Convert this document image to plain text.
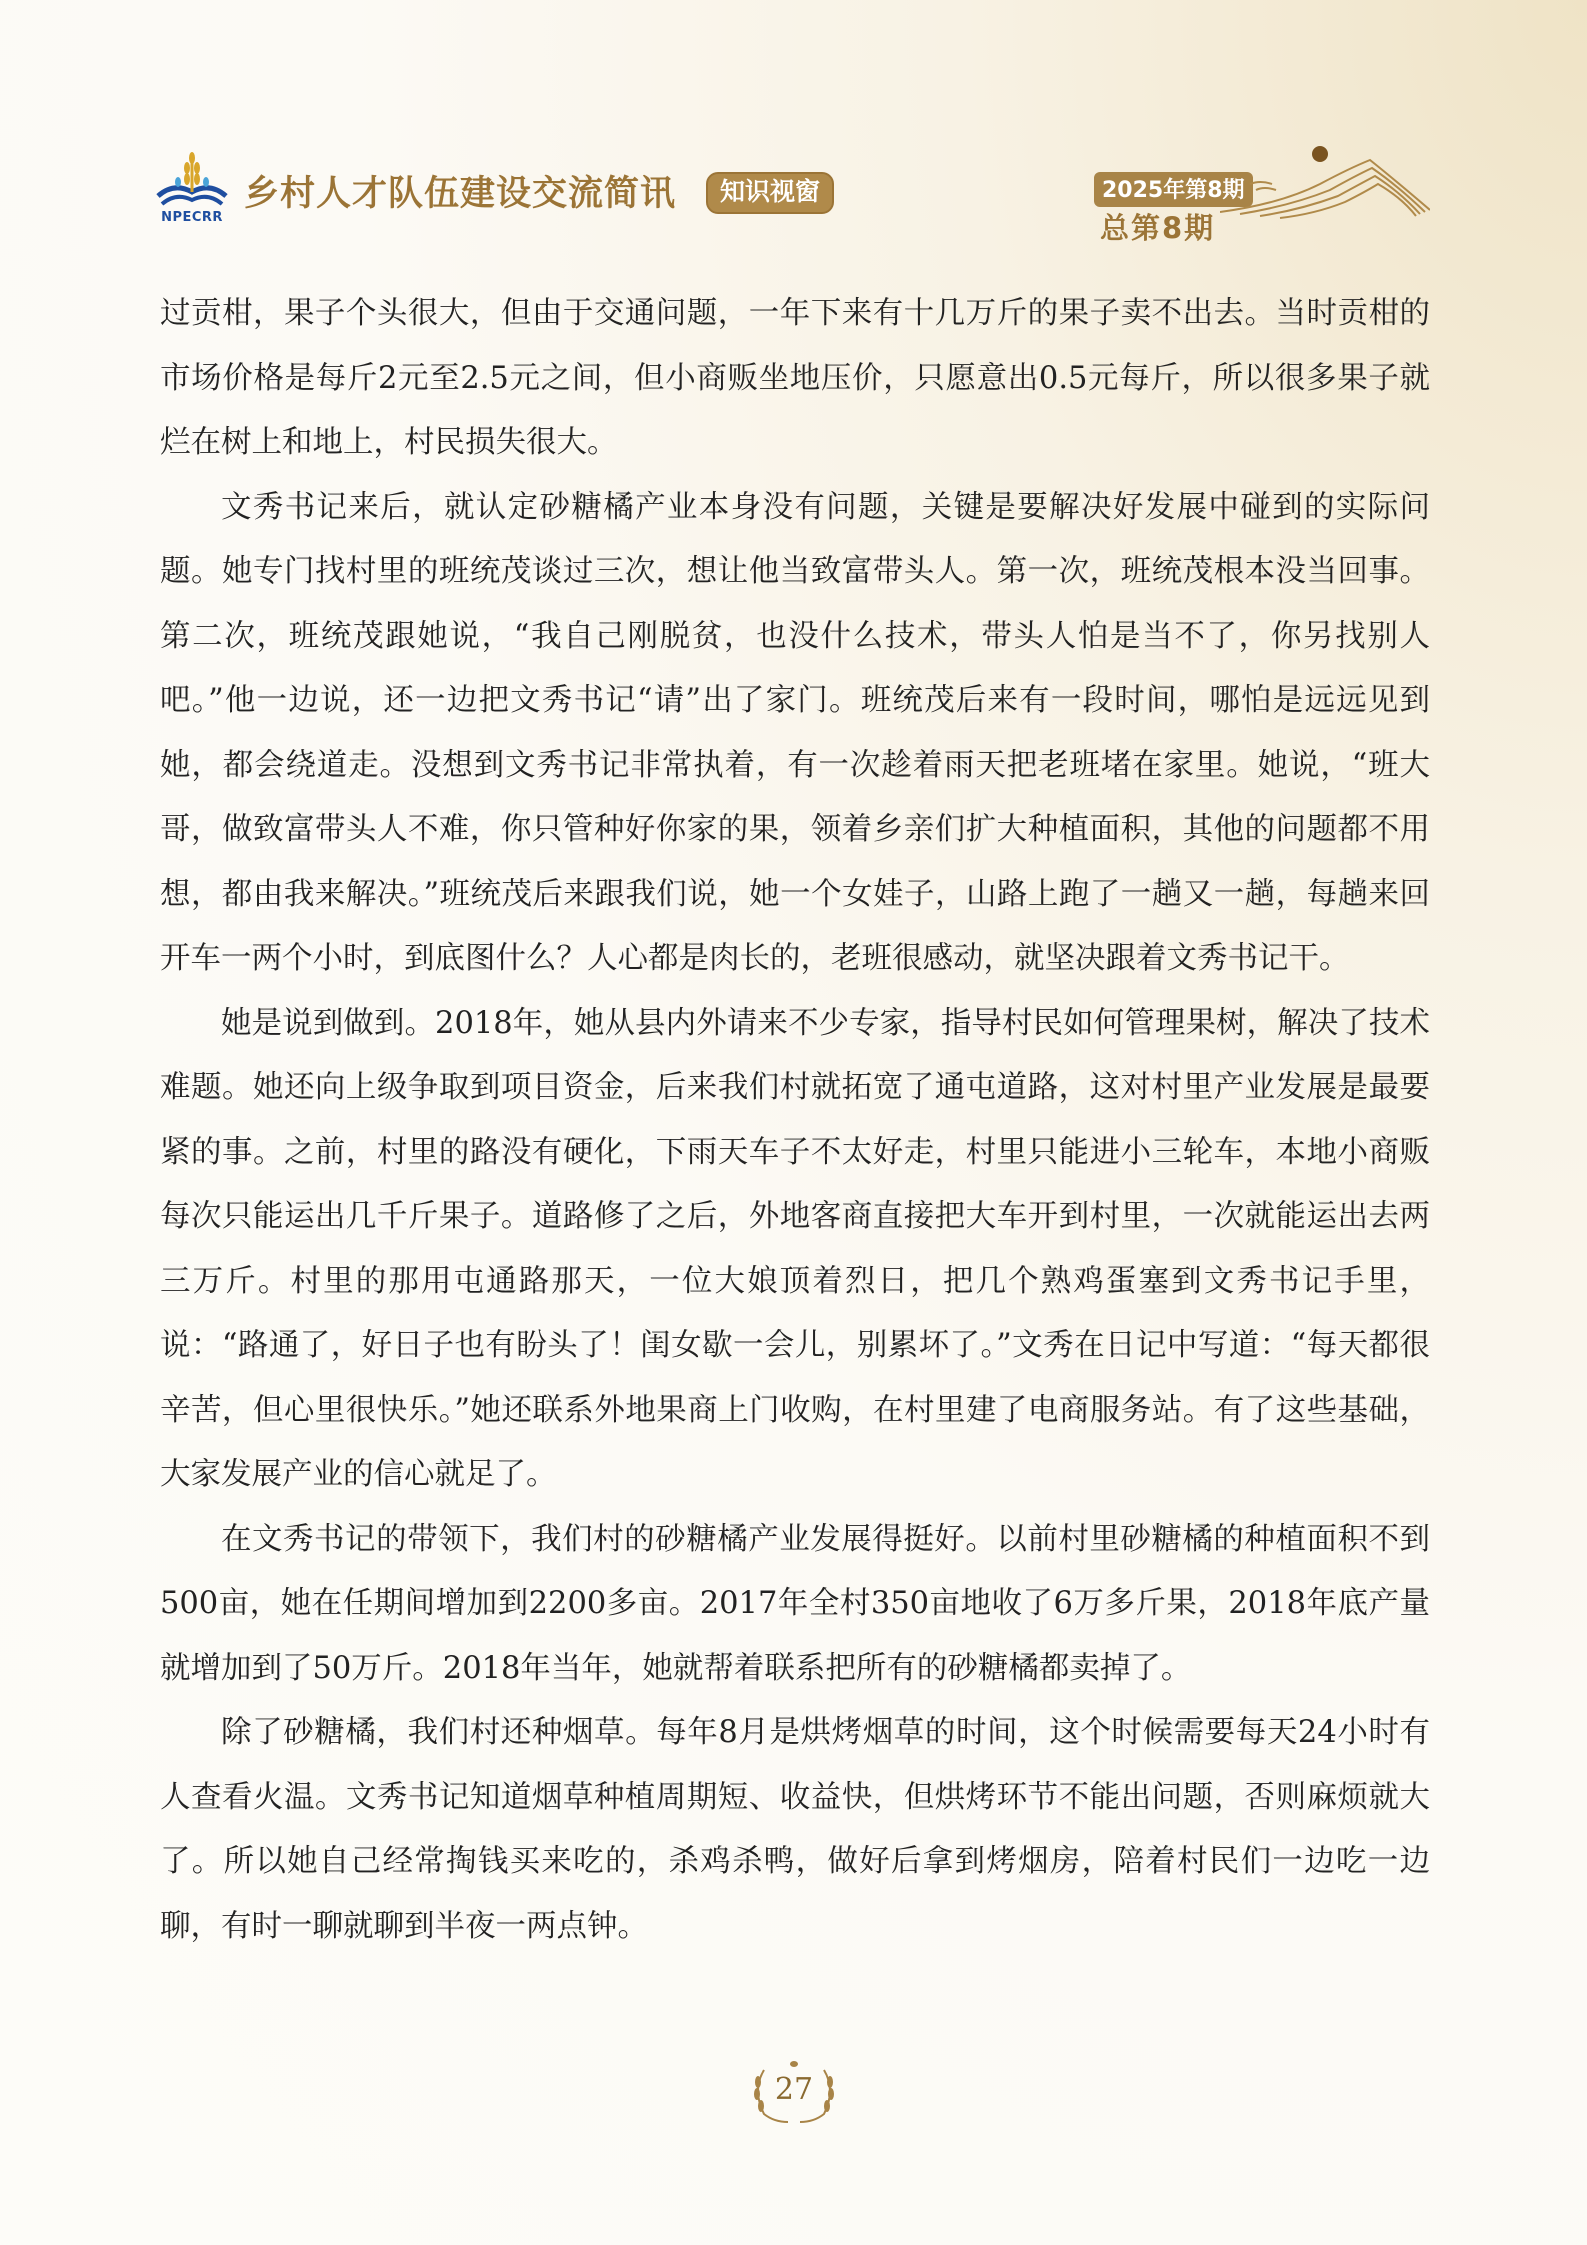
NPECRR
乡村人才队伍建设交流简讯	知识视窗	2025年第8期
总第8期

过贡柑，果子个头很大，但由于交通问题，一年下来有十几万斤的果子卖不出去。当时贡柑的市场价格是每斤2元至2.5元之间，但小商贩坐地压价，只愿意出0.5元每斤，所以很多果子就烂在树上和地上，村民损失很大。

文秀书记来后，就认定砂糖橘产业本身没有问题，关键是要解决好发展中碰到的实际问题。她专门找村里的班统茂谈过三次，想让他当致富带头人。第一次，班统茂根本没当回事。第二次，班统茂跟她说，“我自己刚脱贫，也没什么技术，带头人怕是当不了，你另找别人吧。”他一边说，还一边把文秀书记“请”出了家门。班统茂后来有一段时间，哪怕是远远见到她，都会绕道走。没想到文秀书记非常执着，有一次趁着雨天把老班堵在家里。她说，“班大哥，做致富带头人不难，你只管种好你家的果，领着乡亲们扩大种植面积，其他的问题都不用想，都由我来解决。”班统茂后来跟我们说，她一个女娃子，山路上跑了一趟又一趟，每趟来回开车一两个小时，到底图什么？人心都是肉长的，老班很感动，就坚决跟着文秀书记干。

她是说到做到。2018年，她从县内外请来不少专家，指导村民如何管理果树，解决了技术难题。她还向上级争取到项目资金，后来我们村就拓宽了通屯道路，这对村里产业发展是最要紧的事。之前，村里的路没有硬化，下雨天车子不太好走，村里只能进小三轮车，本地小商贩每次只能运出几千斤果子。道路修了之后，外地客商直接把大车开到村里，一次就能运出去两三万斤。村里的那用屯通路那天，一位大娘顶着烈日，把几个熟鸡蛋塞到文秀书记手里，说：“路通了，好日子也有盼头了！闺女歇一会儿，别累坏了。”文秀在日记中写道：“每天都很辛苦，但心里很快乐。”她还联系外地果商上门收购，在村里建了电商服务站。有了这些基础，大家发展产业的信心就足了。

在文秀书记的带领下，我们村的砂糖橘产业发展得挺好。以前村里砂糖橘的种植面积不到500亩，她在任期间增加到2200多亩。2017年全村350亩地收了6万多斤果，2018年底产量就增加到了50万斤。2018年当年，她就帮着联系把所有的砂糖橘都卖掉了。

除了砂糖橘，我们村还种烟草。每年8月是烘烤烟草的时间，这个时候需要每天24小时有人查看火温。文秀书记知道烟草种植周期短、收益快，但烘烤环节不能出问题，否则麻烦就大了。所以她自己经常掏钱买来吃的，杀鸡杀鸭，做好后拿到烤烟房，陪着村民们一边吃一边聊，有时一聊就聊到半夜一两点钟。

27
